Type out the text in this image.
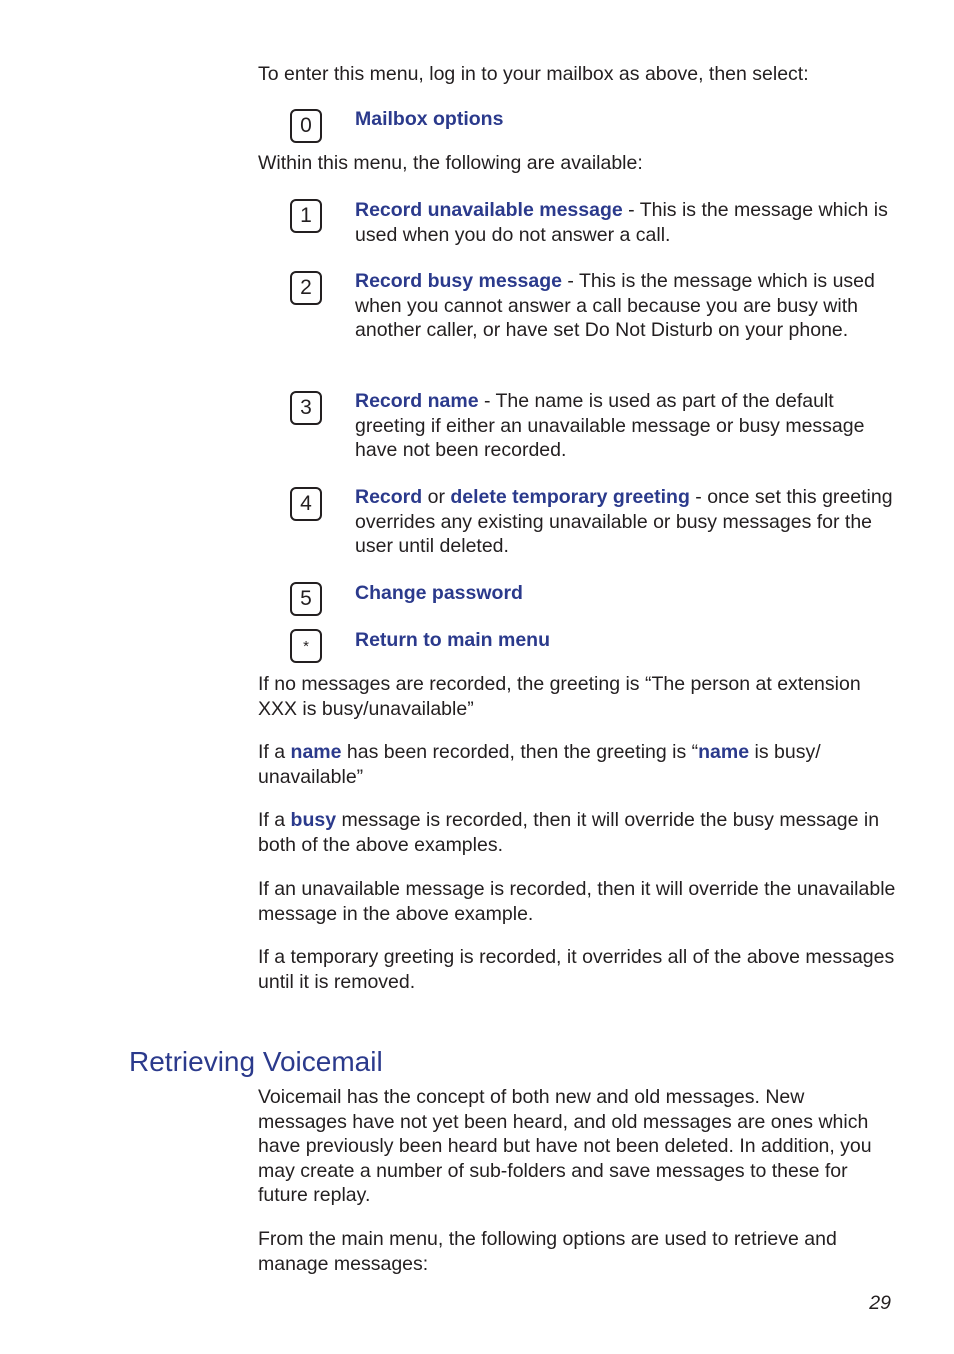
To enter this menu, log in to your mailbox as above, then select:

0	Mailbox options

Within this menu, the following are available:

1	Record unavailable message - This is the message which is used when you do not answer a call.

2	Record busy message - This is the message which is used when you cannot answer a call because you are busy with another caller, or have set Do Not Disturb on your phone.

3	Record name - The name is used as part of the default greeting if either an unavailable message or busy message have not been recorded.

4	Record or delete temporary greeting - once set this greeting overrides any existing unavailable or busy messages for the user until deleted.

5	Change password

*	Return to main menu

If no messages are recorded, the greeting is “The person at extension XXX is busy/unavailable”

If a name has been recorded, then the greeting is “name is busy/ unavailable”

If a busy message is recorded, then it will override the busy message in both of the above examples.

If an unavailable message is recorded, then it will override the unavailable message in the above example.

If a temporary greeting is recorded, it overrides all of the above messages until it is removed.

Retrieving Voicemail

Voicemail has the concept of both new and old messages. New messages have not yet been heard, and old messages are ones which have previously been heard but have not been deleted. In addition, you may create a number of sub-folders and save messages to these for future replay.

From the main menu, the following options are used to retrieve and manage messages:

29
